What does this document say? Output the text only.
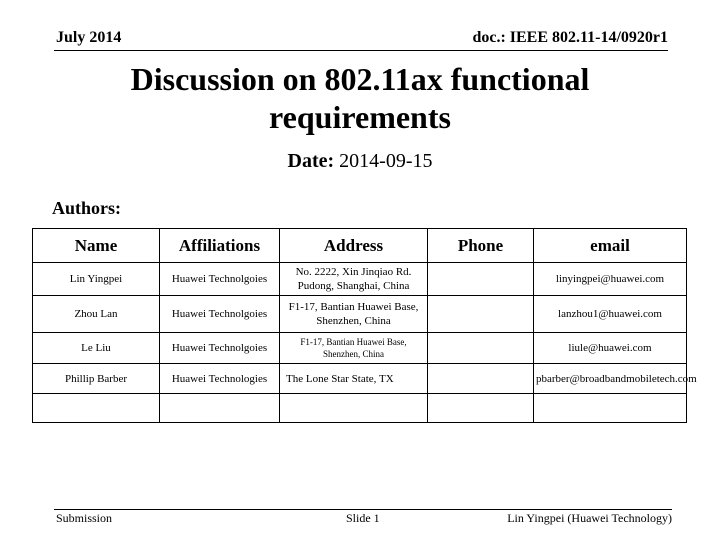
July 2014	doc.: IEEE 802.11-14/0920r1
Discussion on 802.11ax functional
requirements
Date: 2014-09-15
Authors:
Name	Affiliations	Address	Phone	email
Lin Yingpei	Huawei Technolgoies	No. 2222, Xin Jinqiao Rd. Pudong, Shanghai, China		linyingpei@huawei.com
Zhou Lan	Huawei Technolgoies	F1-17, Bantian Huawei Base, Shenzhen, China		lanzhou1@huawei.com
Le Liu	Huawei Technolgoies	F1-17, Bantian Huawei Base, Shenzhen, China		liule@huawei.com
Phillip Barber	Huawei Technologies	The Lone Star State, TX		pbarber@broadbandmobiletech.com

Submission	Slide 1	Lin Yingpei (Huawei Technology)
